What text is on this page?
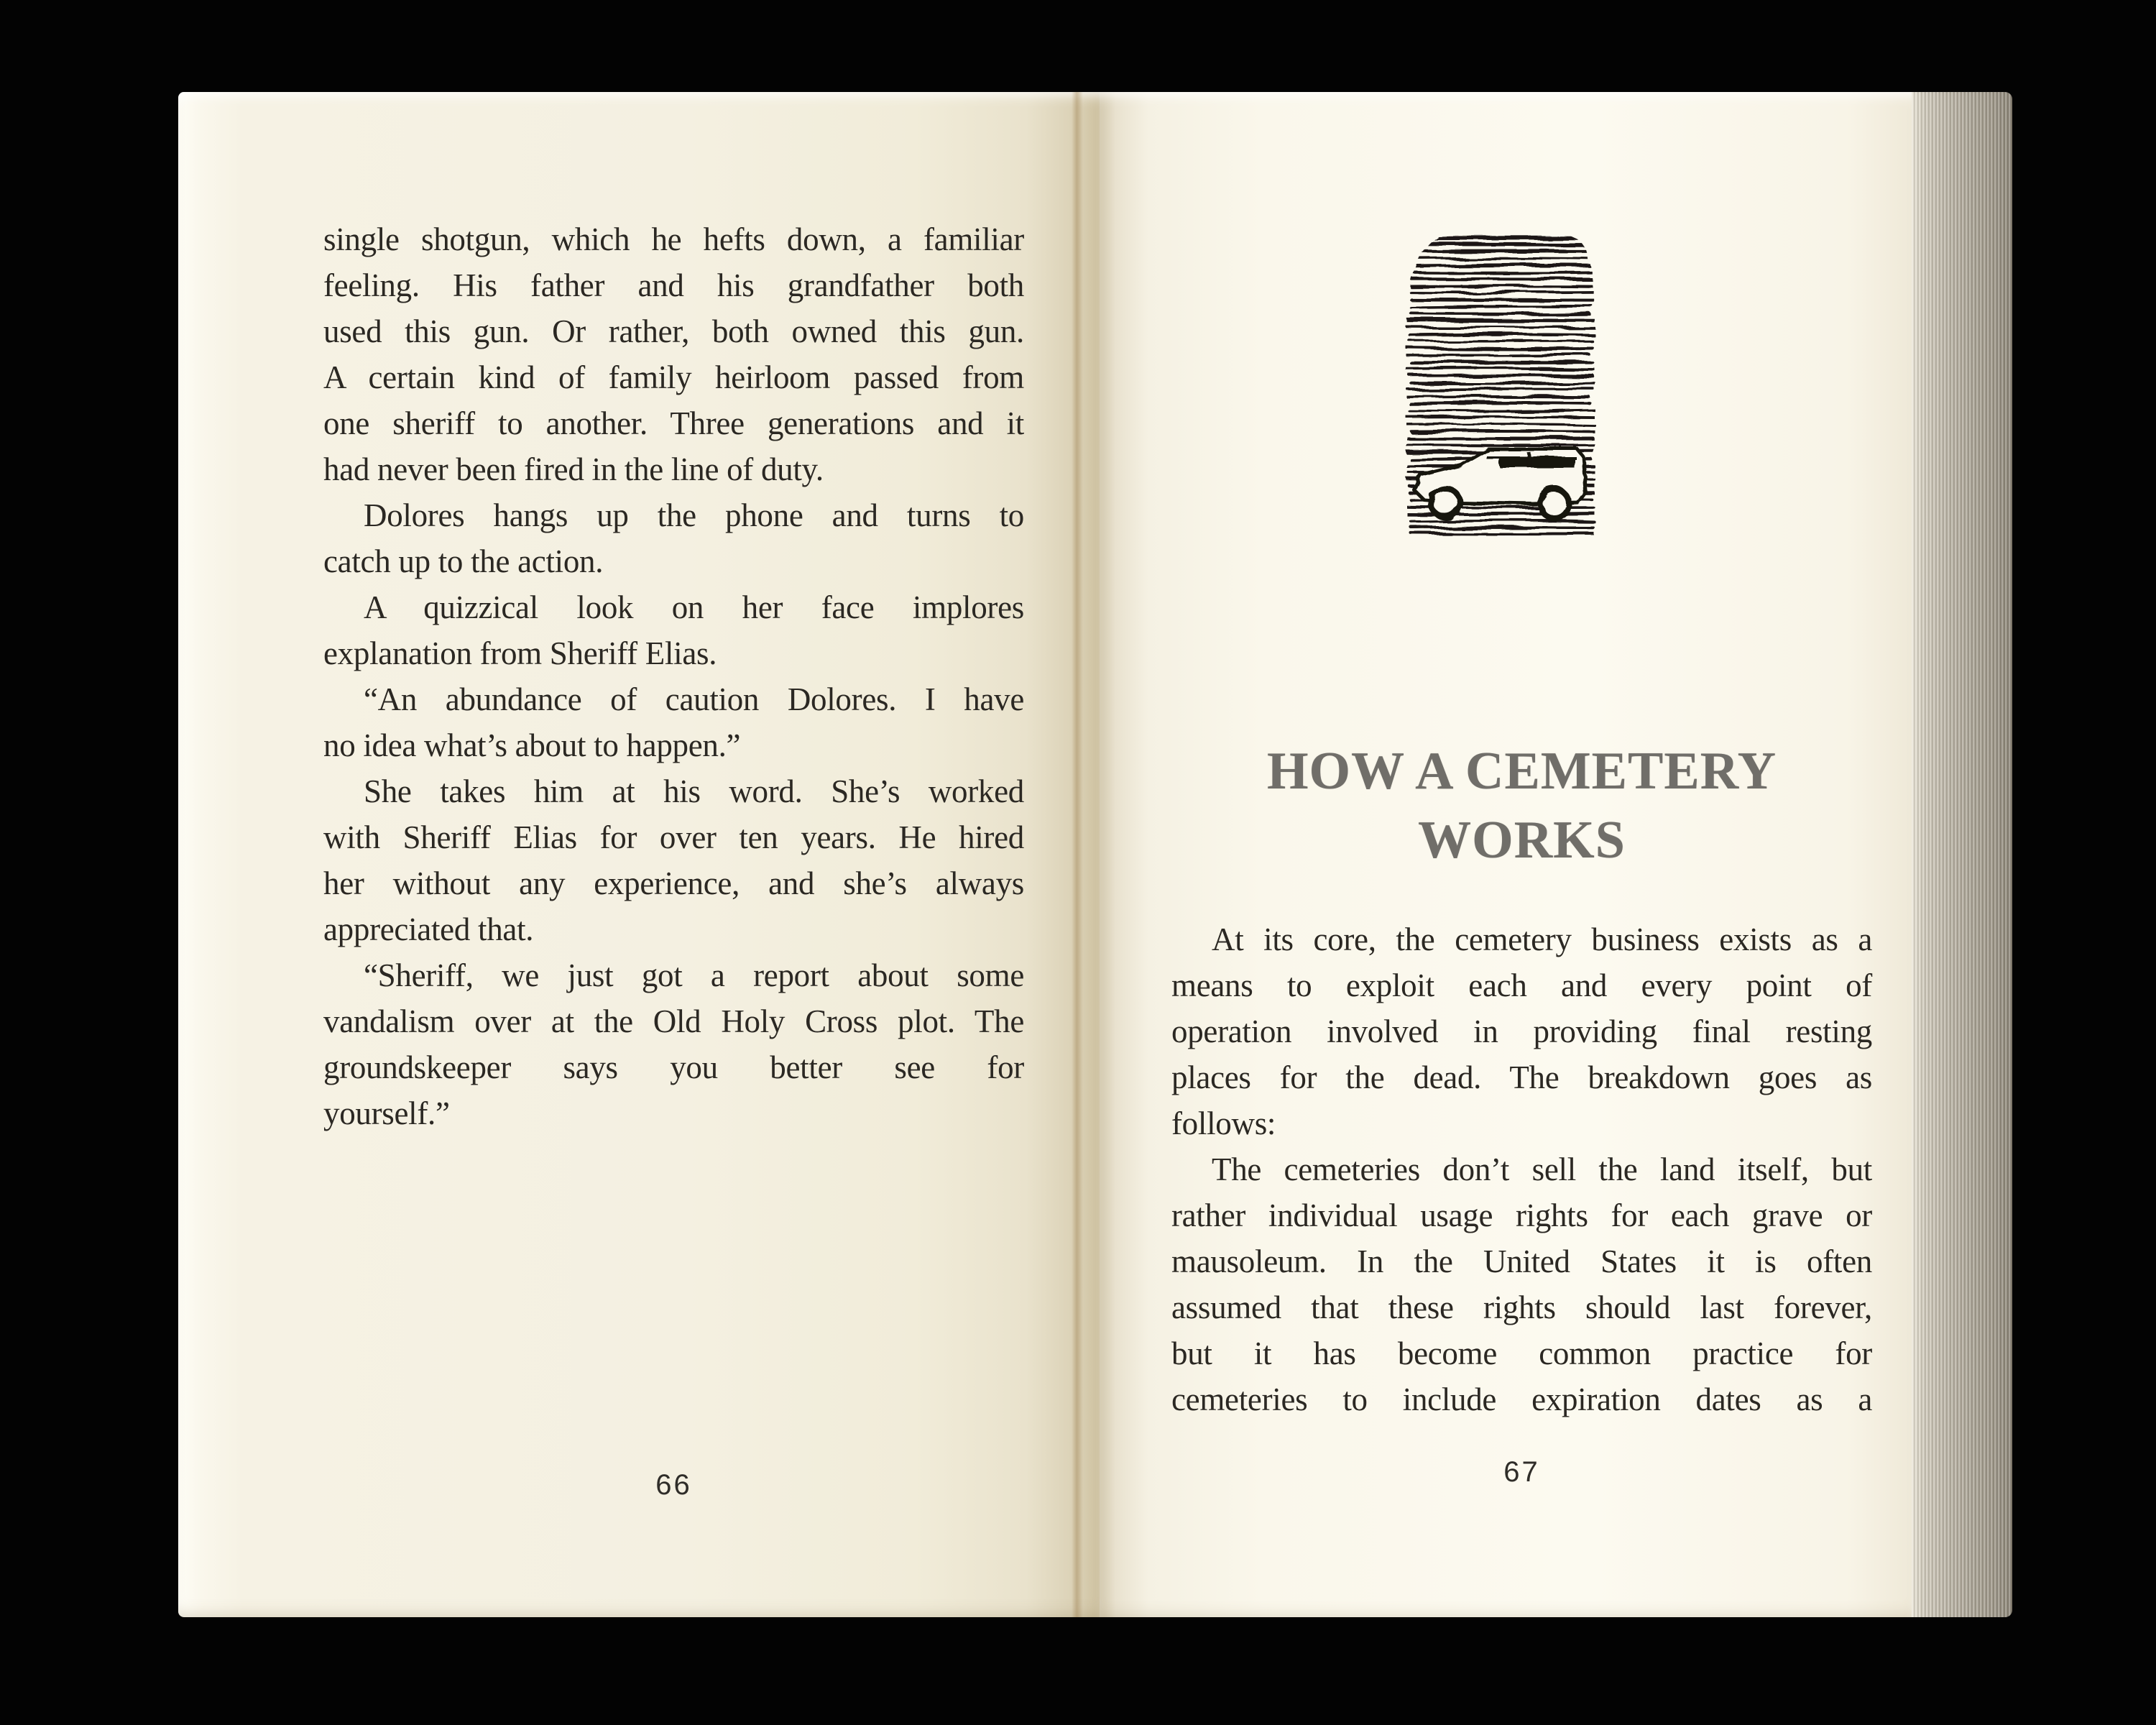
single shotgun, which he hefts down, a familiar
feeling. His father and his grandfather both
used this gun. Or rather, both owned this gun.
A certain kind of family heirloom passed from
one sheriff to another. Three generations and it
had never been fired in the line of duty.
Dolores hangs up the phone and turns to
catch up to the action.
A quizzical look on her face implores
explanation from Sheriff Elias.
“An abundance of caution Dolores. I have
no idea what’s about to happen.”
She takes him at his word. She’s worked
with Sheriff Elias for over ten years. He hired
her without any experience, and she’s always
appreciated that.
“Sheriff, we just got a report about some
vandalism over at the Old Holy Cross plot. The
groundskeeper says you better see for
yourself.”
66
HOW A CEMETERY WORKS
At its core, the cemetery business exists as a
means to exploit each and every point of
operation involved in providing final resting
places for the dead. The breakdown goes as
follows:
The cemeteries don’t sell the land itself, but
rather individual usage rights for each grave or
mausoleum. In the United States it is often
assumed that these rights should last forever,
but it has become common practice for
cemeteries to include expiration dates as a
67
